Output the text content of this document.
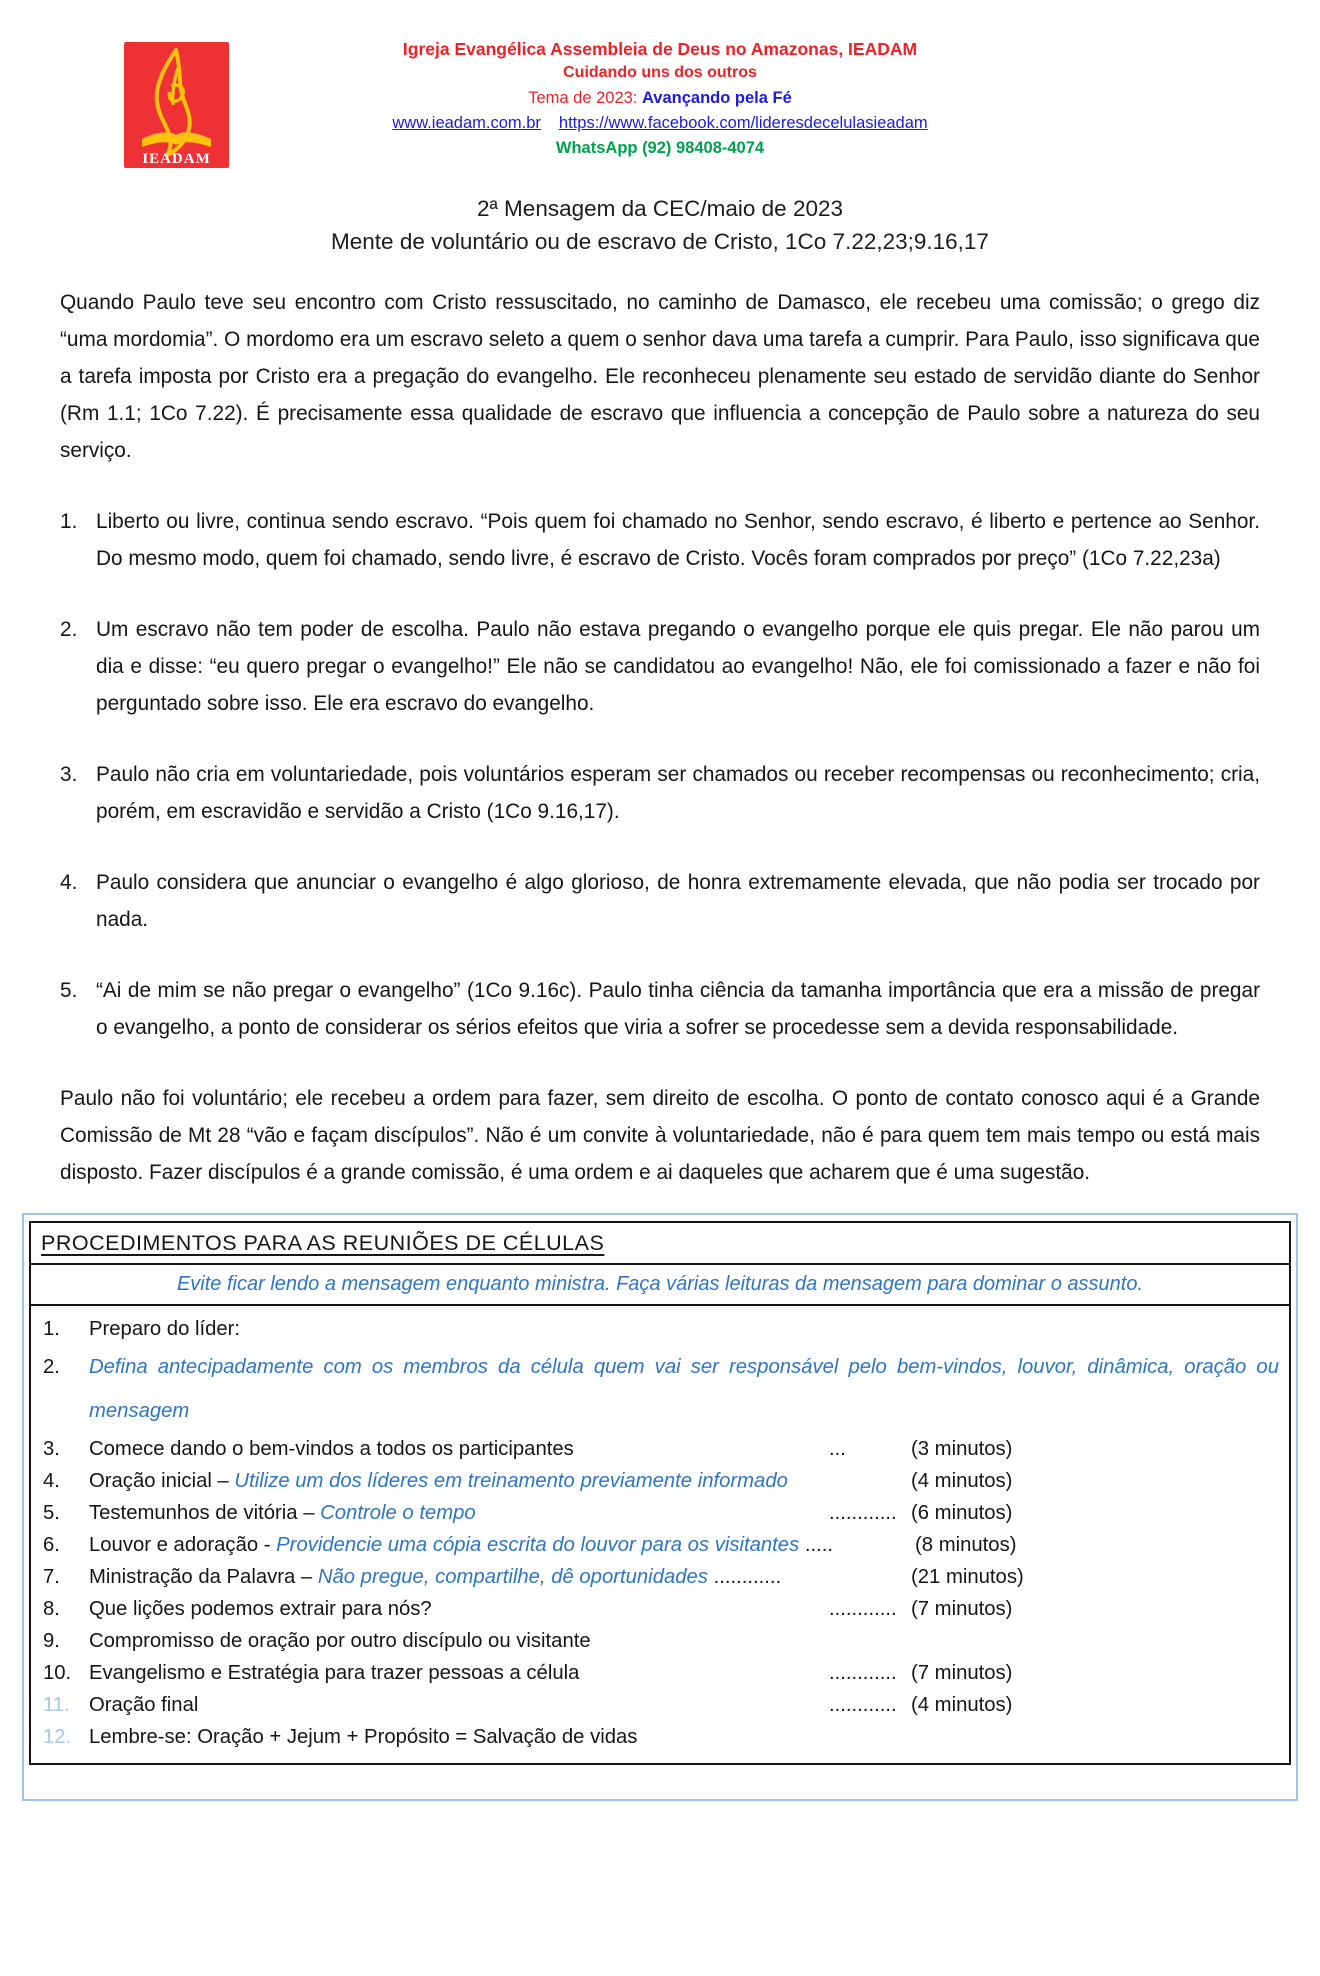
IEADAM
Igreja Evangélica Assembleia de Deus no Amazonas, IEADAM
Cuidando uns dos outros
Tema de 2023: Avançando pela Fé
www.ieadam.com.br https://www.facebook.com/lideresdecelulasieadam
WhatsApp (92) 98408-4074
2ª Mensagem da CEC/maio de 2023
Mente de voluntário ou de escravo de Cristo, 1Co 7.22,23;9.16,17

Quando Paulo teve seu encontro com Cristo ressuscitado, no caminho de Damasco, ele recebeu uma comissão; o grego diz “uma mordomia”. O mordomo era um escravo seleto a quem o senhor dava uma tarefa a cumprir. Para Paulo, isso significava que a tarefa imposta por Cristo era a pregação do evangelho. Ele reconheceu plenamente seu estado de servidão diante do Senhor (Rm 1.1; 1Co 7.22). É precisamente essa qualidade de escravo que influencia a concepção de Paulo sobre a natureza do seu serviço.

1. Liberto ou livre, continua sendo escravo. “Pois quem foi chamado no Senhor, sendo escravo, é liberto e pertence ao Senhor. Do mesmo modo, quem foi chamado, sendo livre, é escravo de Cristo. Vocês foram comprados por preço” (1Co 7.22,23a)
2. Um escravo não tem poder de escolha. Paulo não estava pregando o evangelho porque ele quis pregar. Ele não parou um dia e disse: “eu quero pregar o evangelho!” Ele não se candidatou ao evangelho! Não, ele foi comissionado a fazer e não foi perguntado sobre isso. Ele era escravo do evangelho.
3. Paulo não cria em voluntariedade, pois voluntários esperam ser chamados ou receber recompensas ou reconhecimento; cria, porém, em escravidão e servidão a Cristo (1Co 9.16,17).
4. Paulo considera que anunciar o evangelho é algo glorioso, de honra extremamente elevada, que não podia ser trocado por nada.
5. “Ai de mim se não pregar o evangelho” (1Co 9.16c). Paulo tinha ciência da tamanha importância que era a missão de pregar o evangelho, a ponto de considerar os sérios efeitos que viria a sofrer se procedesse sem a devida responsabilidade.

Paulo não foi voluntário; ele recebeu a ordem para fazer, sem direito de escolha. O ponto de contato conosco aqui é a Grande Comissão de Mt 28 “vão e façam discípulos”. Não é um convite à voluntariedade, não é para quem tem mais tempo ou está mais disposto. Fazer discípulos é a grande comissão, é uma ordem e ai daqueles que acharem que é uma sugestão.

PROCEDIMENTOS PARA AS REUNIÕES DE CÉLULAS
Evite ficar lendo a mensagem enquanto ministra. Faça várias leituras da mensagem para dominar o assunto.
1.	Preparo do líder:
2.	Defina antecipadamente com os membros da célula quem vai ser responsável pelo bem-vindos, louvor, dinâmica, oração ou mensagem
3.	Comece dando o bem-vindos a todos os participantes	...	(3 minutos)
4.	Oração inicial – Utilize um dos líderes em treinamento previamente informado	(4 minutos)
5.	Testemunhos de vitória – Controle o tempo	............ (6 minutos)
6.	Louvor e adoração - Providencie uma cópia escrita do louvor para os visitantes .....	(8 minutos)
7.	Ministração da Palavra – Não pregue, compartilhe, dê oportunidades ............	(21 minutos)
8.	Que lições podemos extrair para nós?	............ (7 minutos)
9.	Compromisso de oração por outro discípulo ou visitante
10. Evangelismo e Estratégia para trazer pessoas a célula	............ (7 minutos)
11. Oração final	............ (4 minutos)
12. Lembre-se: Oração + Jejum + Propósito = Salvação de vidas
